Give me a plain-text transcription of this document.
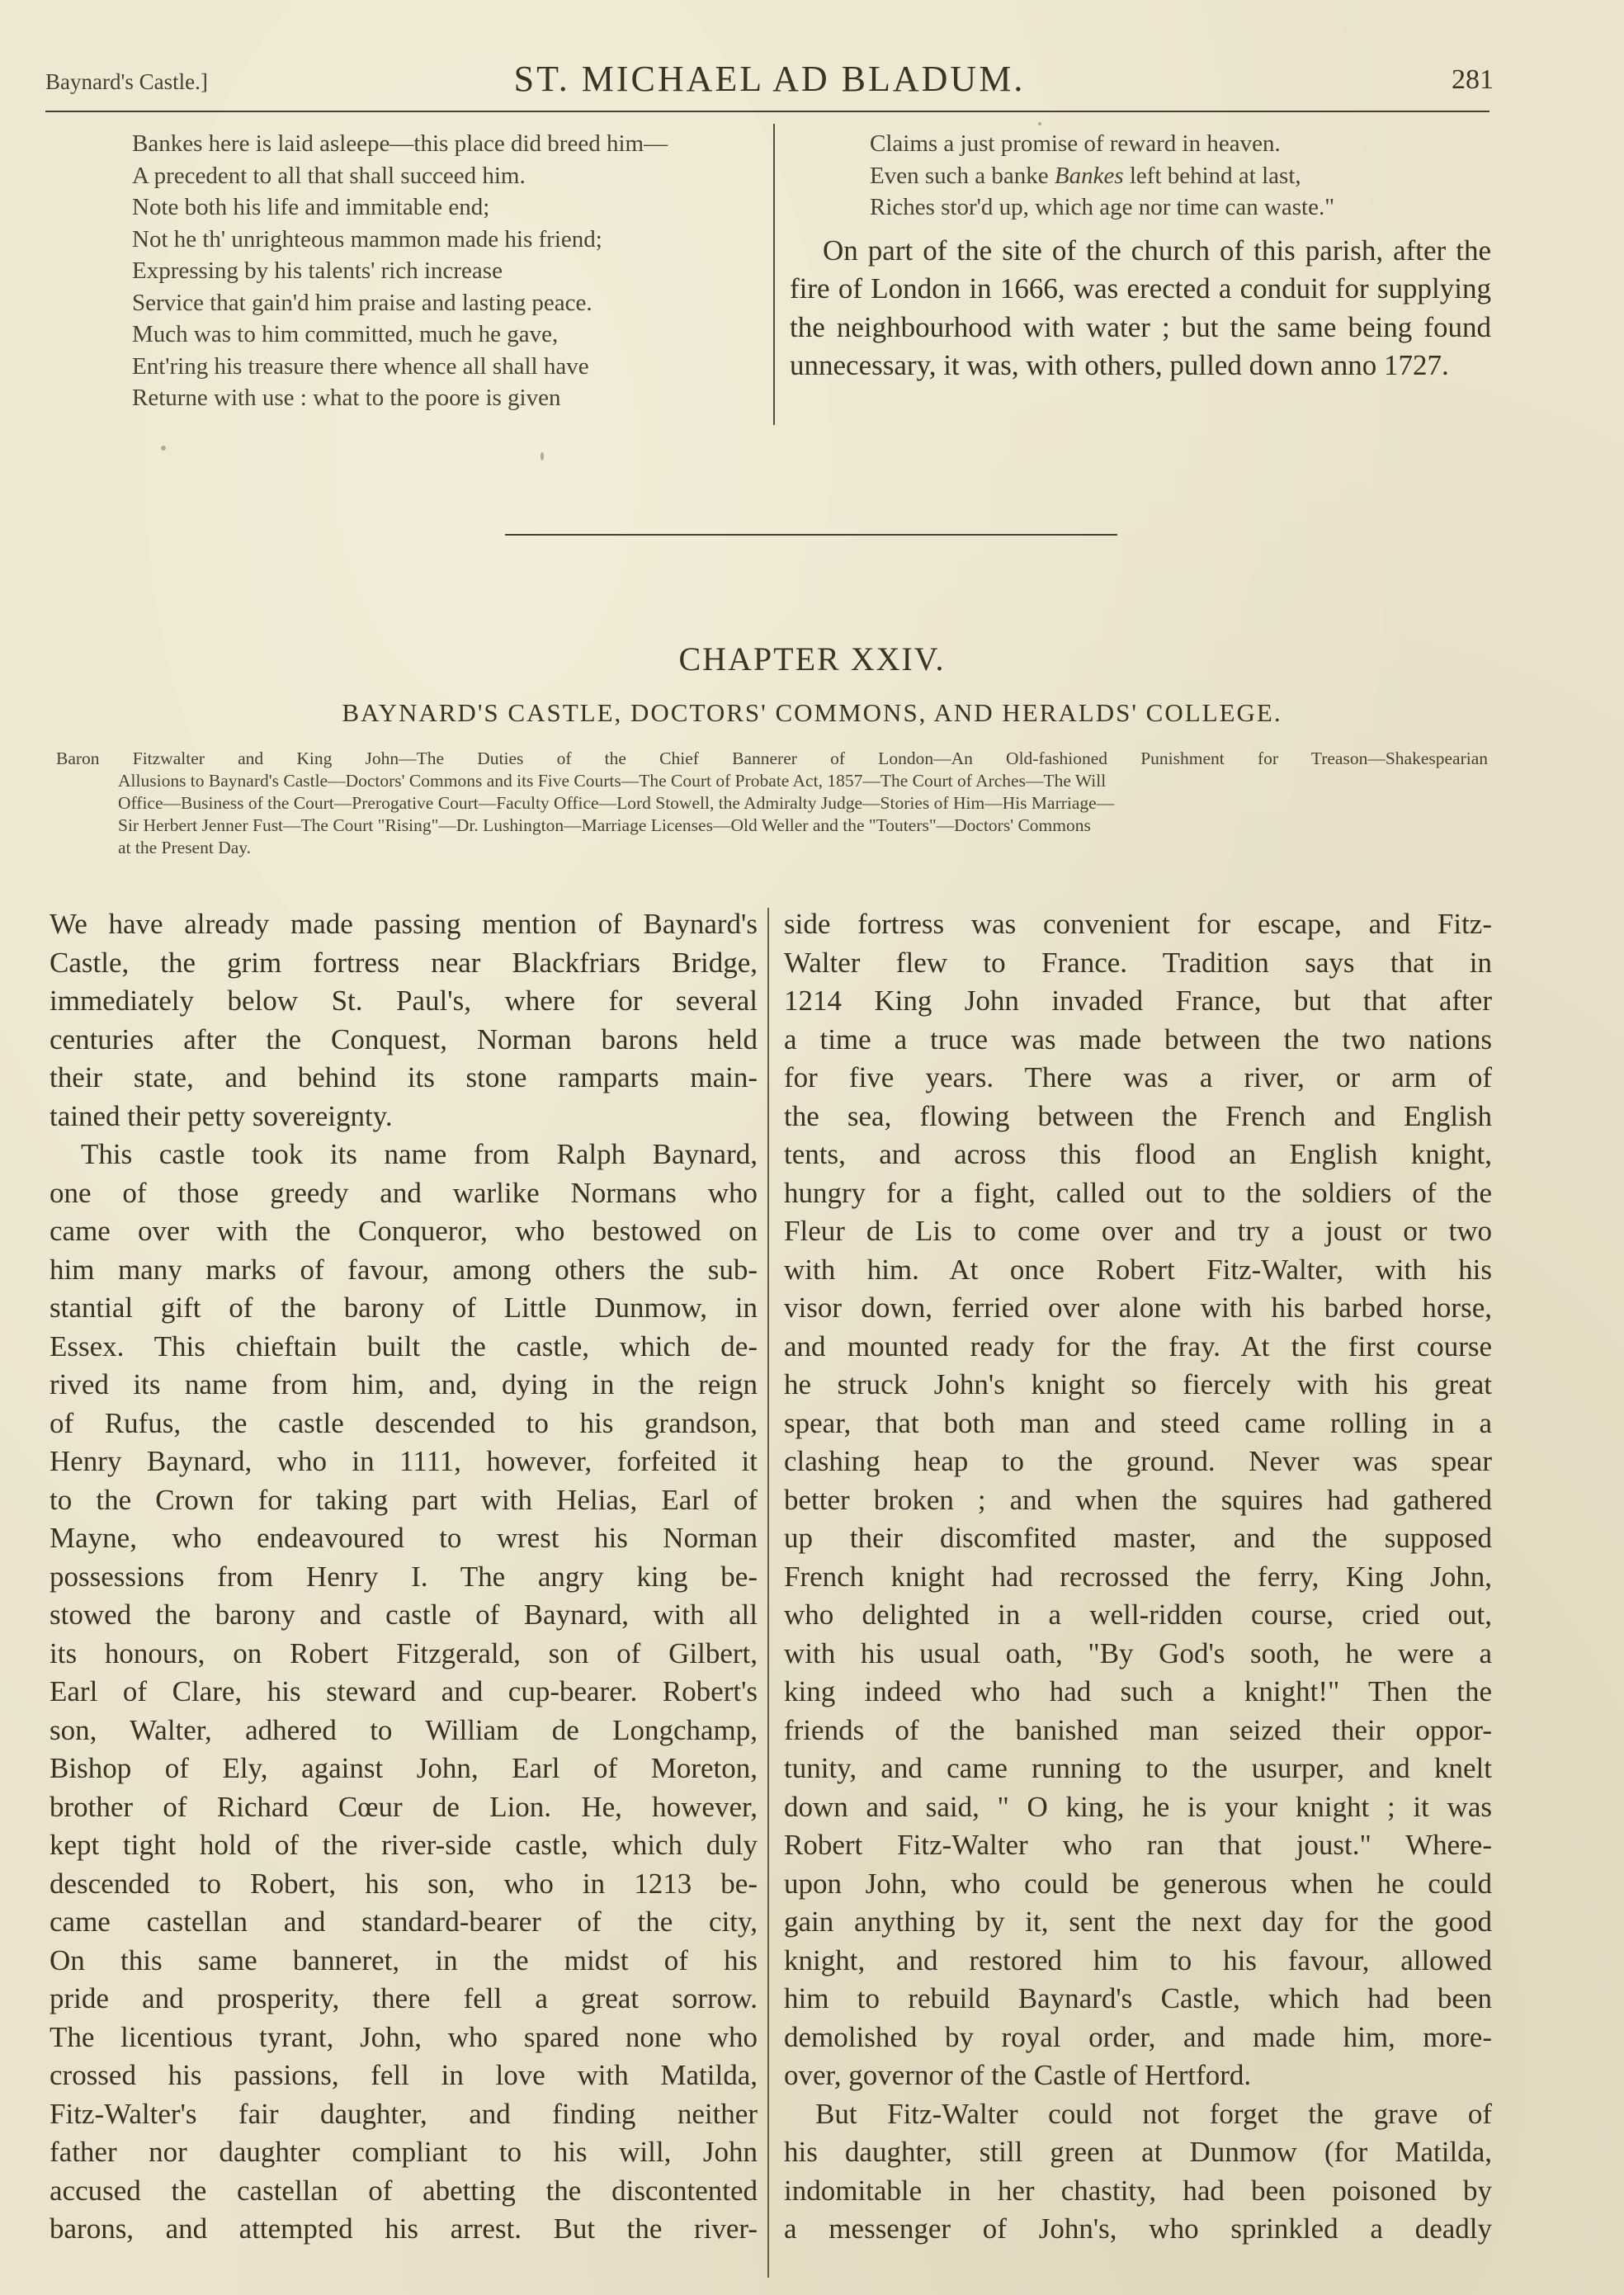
Baynard's Castle.]	ST. MICHAEL AD BLADUM.	281
Bankes here is laid asleepe—this place did breed him—
A precedent to all that shall succeed him.
Note both his life and immitable end;
Not he th' unrighteous mammon made his friend;
Expressing by his talents' rich increase
Service that gain'd him praise and lasting peace.
Much was to him committed, much he gave,
Ent'ring his treasure there whence all shall have
Returne with use : what to the poore is given
Claims a just promise of reward in heaven.
Even such a banke Bankes left behind at last,
Riches stor'd up, which age nor time can waste."
On part of the site of the church of this parish, after the fire of London in 1666, was erected a conduit for supplying the neighbourhood with water ; but the same being found unnecessary, it was, with others, pulled down anno 1727.
CHAPTER XXIV.
BAYNARD'S CASTLE, DOCTORS' COMMONS, AND HERALDS' COLLEGE.
Baron Fitzwalter and King John—The Duties of the Chief Bannerer of London—An Old-fashioned Punishment for Treason—Shakespearian
Allusions to Baynard's Castle—Doctors' Commons and its Five Courts—The Court of Probate Act, 1857—The Court of Arches—The Will
Office—Business of the Court—Prerogative Court—Faculty Office—Lord Stowell, the Admiralty Judge—Stories of Him—His Marriage—
Sir Herbert Jenner Fust—The Court "Rising"—Dr. Lushington—Marriage Licenses—Old Weller and the "Touters"—Doctors' Commons
at the Present Day.
We have already made passing mention of Baynard's
Castle, the grim fortress near Blackfriars Bridge,
immediately below St. Paul's, where for several
centuries after the Conquest, Norman barons held
their state, and behind its stone ramparts main-
tained their petty sovereignty.
This castle took its name from Ralph Baynard,
one of those greedy and warlike Normans who
came over with the Conqueror, who bestowed on
him many marks of favour, among others the sub-
stantial gift of the barony of Little Dunmow, in
Essex. This chieftain built the castle, which de-
rived its name from him, and, dying in the reign
of Rufus, the castle descended to his grandson,
Henry Baynard, who in 1111, however, forfeited it
to the Crown for taking part with Helias, Earl of
Mayne, who endeavoured to wrest his Norman
possessions from Henry I. The angry king be-
stowed the barony and castle of Baynard, with all
its honours, on Robert Fitzgerald, son of Gilbert,
Earl of Clare, his steward and cup-bearer. Robert's
son, Walter, adhered to William de Longchamp,
Bishop of Ely, against John, Earl of Moreton,
brother of Richard Cœur de Lion. He, however,
kept tight hold of the river-side castle, which duly
descended to Robert, his son, who in 1213 be-
came castellan and standard-bearer of the city,
On this same banneret, in the midst of his
pride and prosperity, there fell a great sorrow.
The licentious tyrant, John, who spared none who
crossed his passions, fell in love with Matilda,
Fitz-Walter's fair daughter, and finding neither
father nor daughter compliant to his will, John
accused the castellan of abetting the discontented
barons, and attempted his arrest. But the river-
side fortress was convenient for escape, and Fitz-
Walter flew to France. Tradition says that in
1214 King John invaded France, but that after
a time a truce was made between the two nations
for five years. There was a river, or arm of
the sea, flowing between the French and English
tents, and across this flood an English knight,
hungry for a fight, called out to the soldiers of the
Fleur de Lis to come over and try a joust or two
with him. At once Robert Fitz-Walter, with his
visor down, ferried over alone with his barbed horse,
and mounted ready for the fray. At the first course
he struck John's knight so fiercely with his great
spear, that both man and steed came rolling in a
clashing heap to the ground. Never was spear
better broken ; and when the squires had gathered
up their discomfited master, and the supposed
French knight had recrossed the ferry, King John,
who delighted in a well-ridden course, cried out,
with his usual oath, "By God's sooth, he were a
king indeed who had such a knight!" Then the
friends of the banished man seized their oppor-
tunity, and came running to the usurper, and knelt
down and said, " O king, he is your knight ; it was
Robert Fitz-Walter who ran that joust." Where-
upon John, who could be generous when he could
gain anything by it, sent the next day for the good
knight, and restored him to his favour, allowed
him to rebuild Baynard's Castle, which had been
demolished by royal order, and made him, more-
over, governor of the Castle of Hertford.
But Fitz-Walter could not forget the grave of
his daughter, still green at Dunmow (for Matilda,
indomitable in her chastity, had been poisoned by
a messenger of John's, who sprinkled a deadly
